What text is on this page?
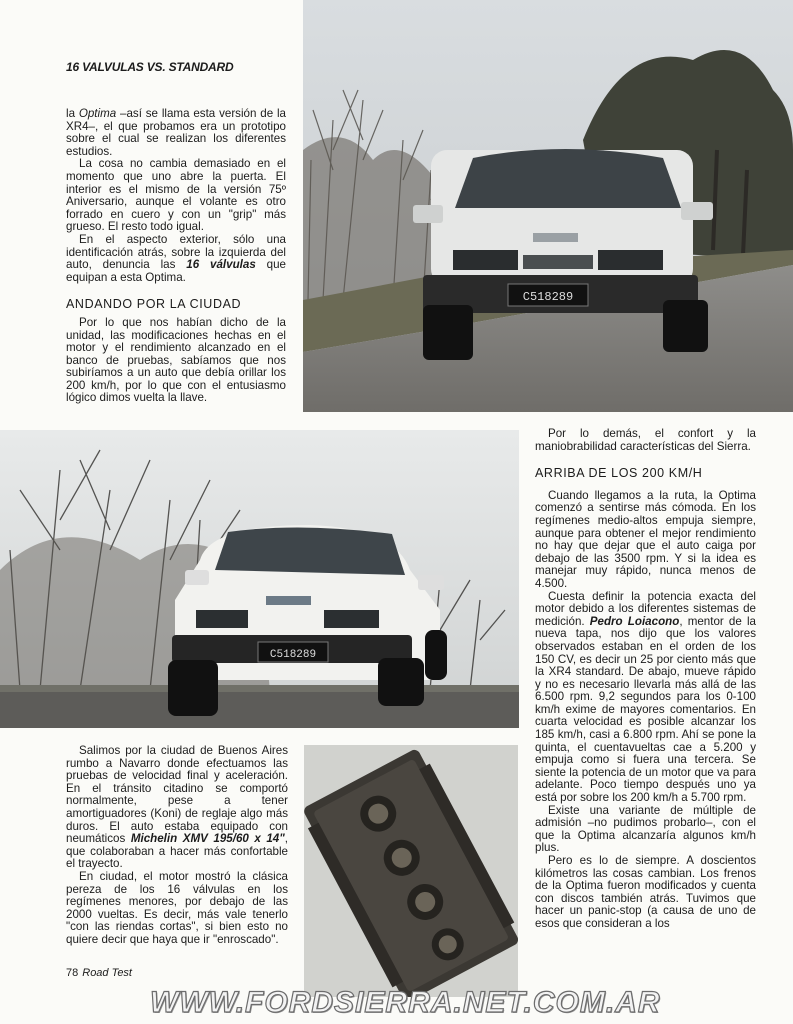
16 VALVULAS VS. STANDARD

la Optima –así se llama esta versión de la XR4–, el que probamos era un prototipo sobre el cual se realizan los diferentes estudios.

La cosa no cambia demasiado en el momento que uno abre la puerta. El interior es el mismo de la versión 75º Aniversario, aunque el volante es otro forrado en cuero y con un "grip" más grueso. El resto todo igual.

En el aspecto exterior, sólo una identificación atrás, sobre la izquierda del auto, denuncia las 16 válvulas que equipan a esta Optima.

ANDANDO POR LA CIUDAD

Por lo que nos habían dicho de la unidad, las modificaciones hechas en el motor y el rendimiento alcanzado en el banco de pruebas, sabíamos que nos subiríamos a un auto que debía orillar los 200 km/h, por lo que con el entusiasmo lógico dimos vuelta la llave.

C518289
C518289

Por lo demás, el confort y la maniobrabilidad características del Sierra.

ARRIBA DE LOS 200 KM/H

Cuando llegamos a la ruta, la Optima comenzó a sentirse más cómoda. En los regímenes medio-altos empuja siempre, aunque para obtener el mejor rendimiento no hay que dejar que el auto caiga por debajo de las 3500 rpm. Y si la idea es manejar muy rápido, nunca menos de 4.500.

Cuesta definir la potencia exacta del motor debido a los diferentes sistemas de medición. Pedro Loiacono, mentor de la nueva tapa, nos dijo que los valores observados estaban en el orden de los 150 CV, es decir un 25 por ciento más que la XR4 standard. De abajo, mueve rápido y no es necesario llevarla más allá de las 6.500 rpm. 9,2 segundos para los 0-100 km/h exime de mayores comentarios. En cuarta velocidad es posible alcanzar los 185 km/h, casi a 6.800 rpm. Ahí se pone la quinta, el cuentavueltas cae a 5.200 y empuja como si fuera una tercera. Se siente la potencia de un motor que va para adelante. Poco tiempo después uno ya está por sobre los 200 km/h a 5.700 rpm.

Existe una variante de múltiple de admisión –no pudimos probarlo–, con el que la Optima alcanzaría algunos km/h plus.

Pero es lo de siempre. A doscientos kilómetros las cosas cambian. Los frenos de la Optima fueron modificados y cuenta con discos también atrás. Tuvimos que hacer un panic-stop (a causa de uno de esos que consideran a los

Salimos por la ciudad de Buenos Aires rumbo a Navarro donde efectuamos las pruebas de velocidad final y aceleración. En el tránsito citadino se comportó normalmente, pese a tener amortiguadores (Koni) de reglaje algo más duros. El auto estaba equipado con neumáticos Michelin XMV 195/60 x 14", que colaboraban a hacer más confortable el trayecto.

En ciudad, el motor mostró la clásica pereza de los 16 válvulas en los regímenes menores, por debajo de las 2000 vueltas. Es decir, más vale tenerlo "con las riendas cortas", si bien esto no quiere decir que haya que ir "enroscado".

78 Road Test
WWW.FORDSIERRA.NET.COM.AR
